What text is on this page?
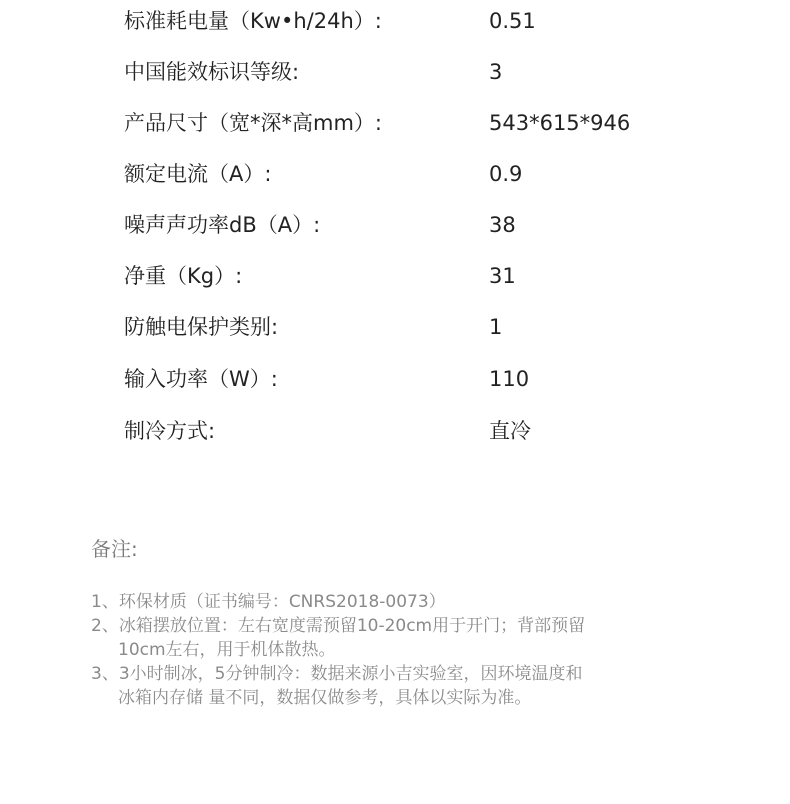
标准耗电量（Kw•h/24h）:	0.51
中国能效标识等级:	3
产品尺寸（宽*深*高mm）:	543*615*946
额定电流（A）:	0.9
噪声声功率dB（A）:	38
净重（Kg）:	31
防触电保护类别:	1
输入功率（W）:	110
制冷方式:	直冷
备注:
1、环保材质（证书编号：CNRS2018-0073）
2、冰箱摆放位置：左右宽度需预留10-20cm用于开门；背部预留
10cm左右，用于机体散热。
3、3小时制冰，5分钟制冷：数据来源小吉实验室，因环境温度和
冰箱内存储 量不同，数据仅做参考，具体以实际为准。
